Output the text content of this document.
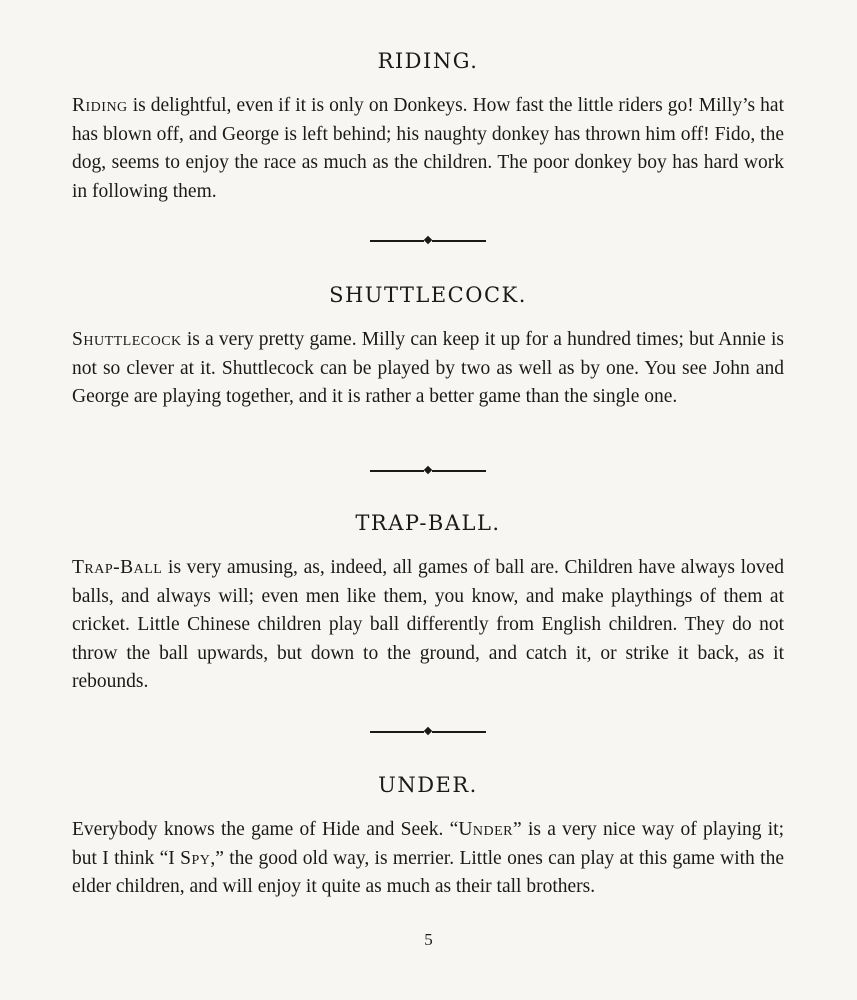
RIDING.

Riding is delightful, even if it is only on Donkeys. How fast the little riders go! Milly’s hat has blown off, and George is left behind; his naughty donkey has thrown him off! Fido, the dog, seems to enjoy the race as much as the children. The poor donkey boy has hard work in following them.

SHUTTLECOCK.

Shuttlecock is a very pretty game. Milly can keep it up for a hundred times; but Annie is not so clever at it. Shuttlecock can be played by two as well as by one. You see John and George are playing together, and it is rather a better game than the single one.

TRAP-BALL.

Trap-Ball is very amusing, as, indeed, all games of ball are. Children have always loved balls, and always will; even men like them, you know, and make playthings of them at cricket. Little Chinese children play ball differently from English children. They do not throw the ball upwards, but down to the ground, and catch it, or strike it back, as it rebounds.

UNDER.

Everybody knows the game of Hide and Seek. “Under” is a very nice way of playing it; but I think “I Spy,” the good old way, is merrier. Little ones can play at this game with the elder children, and will enjoy it quite as much as their tall brothers.

5
